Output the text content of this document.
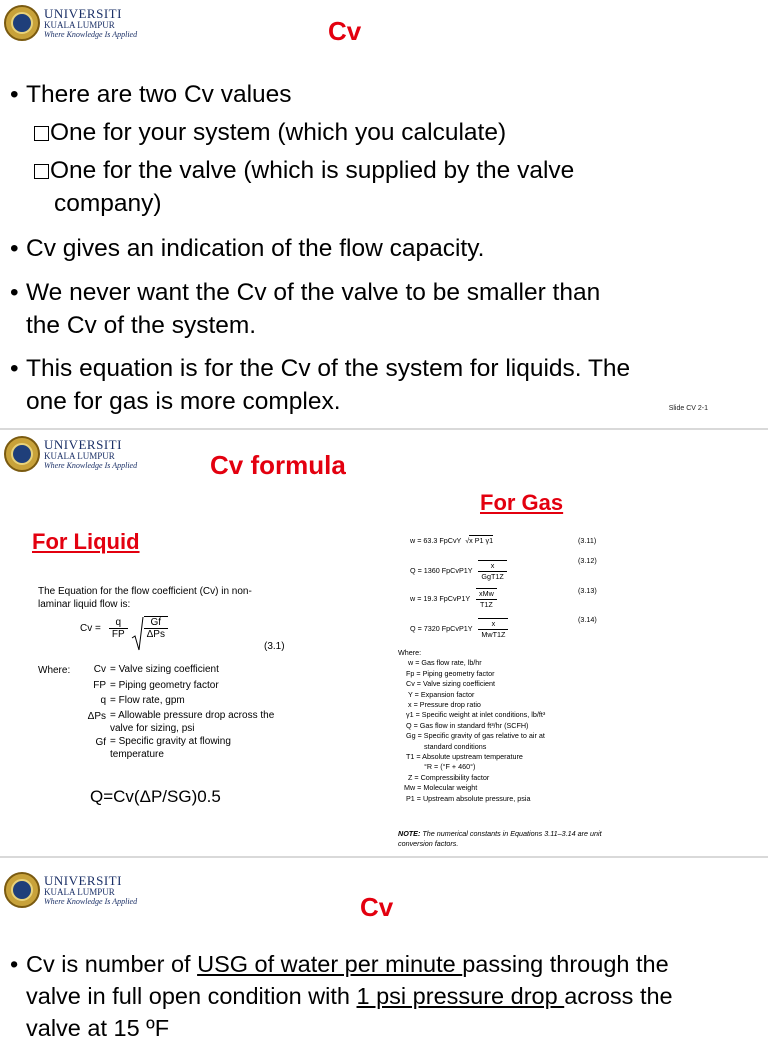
UNIVERSITI
KUALA LUMPUR
Where Knowledge Is Applied	Cv
• There are two Cv values
One for your system (which you calculate)
One for the valve (which is supplied by the valve
company)
• Cv gives an indication of the flow capacity.
• We never want the Cv of the valve to be smaller than
the Cv of the system.
• This equation is for the Cv of the system for liquids. The
one for gas is more complex.	Slide CV 2-1
UNIVERSITI
KUALA LUMPUR
Where Knowledge Is Applied	Cv formula
For Gas
For Liquid
The Equation for the flow coefficient (Cv) in non-laminar liquid flow is:
$Cv = \frac{q}{FP} \frac{Gf}{\text{ΔPs}}$
(3.1)
Where: Cv	= Valve sizing coefficient
FP	= Piping geometry factor
q	= Flow rate, gpm
ΔPs	= Allowable pressure drop across the valve for sizing, psi
Gf	= Specific gravity at flowing temperature
Q=Cv(ΔP/SG)0.5
w = 63.3 FpCvY √x P1 γ1	(3.11)
Q = 1360 FpCvP1Y $\frac{x}{\text{GgT1Z}}$	(3.12)
w = 19.3 FpCvP1Y $\frac{\text{xMw}}{T1Z}$	(3.13)
Q = 7320 FpCvP1Y $\frac{x}{\text{MwT1Z}}$	(3.14)
Where:
w = Gas flow rate, lb/hr
Fp = Piping geometry factor
Cv = Valve sizing coefficient
Y = Expansion factor
x = Pressure drop ratio
γ1 = Specific weight at inlet conditions, lb/ft³
Q = Gas flow in standard ft³/hr (SCFH)
Gg = Specific gravity of gas relative to air at
standard conditions
T1 = Absolute upstream temperature
°R = (°F + 460°)
Z = Compressibility factor
Mw = Molecular weight
P1 = Upstream absolute pressure, psia
NOTE: The numerical constants in Equations 3.11–3.14 are unit conversion factors.
UNIVERSITI
KUALA LUMPUR
Where Knowledge Is Applied	Cv
• Cv is number of USG of water per minute passing through the
valve in full open condition with 1 psi pressure drop across the
valve at 15 ºF
